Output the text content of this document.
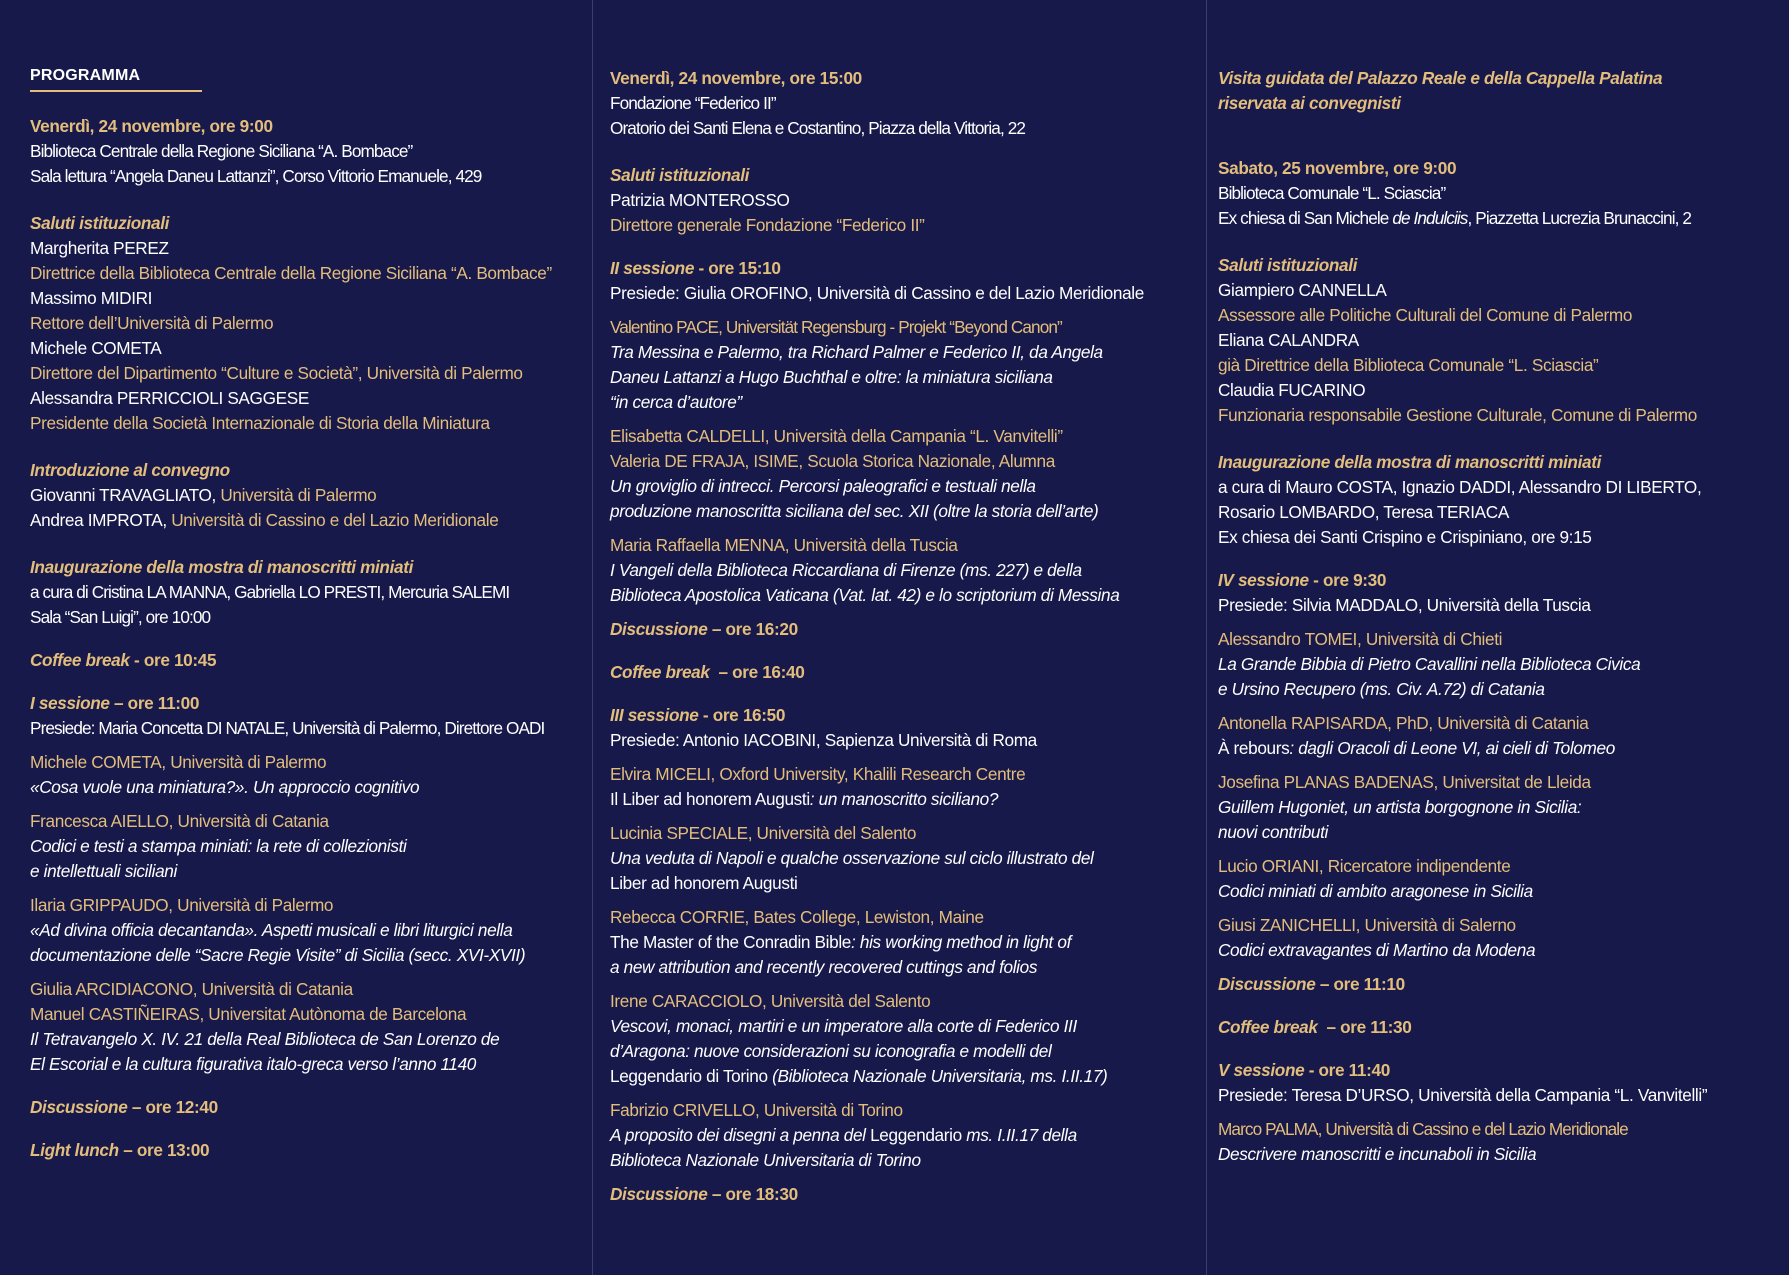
PROGRAMMA
Venerdì, 24 novembre, ore 9:00
Biblioteca Centrale della Regione Siciliana “A. Bombace”
Sala lettura “Angela Daneu Lattanzi”, Corso Vittorio Emanuele, 429
Saluti istituzionali
Margherita PEREZ
Direttrice della Biblioteca Centrale della Regione Siciliana “A. Bombace”
Massimo MIDIRI
Rettore dell’Università di Palermo
Michele COMETA
Direttore del Dipartimento “Culture e Società”, Università di Palermo
Alessandra PERRICCIOLI SAGGESE
Presidente della Società Internazionale di Storia della Miniatura
Introduzione al convegno
Giovanni TRAVAGLIATO, Università di Palermo
Andrea IMPROTA, Università di Cassino e del Lazio Meridionale
Inaugurazione della mostra di manoscritti miniati
a cura di Cristina LA MANNA, Gabriella LO PRESTI, Mercuria SALEMI
Sala “San Luigi”, ore 10:00
Coffee break - ore 10:45
I sessione – ore 11:00
Presiede: Maria Concetta DI NATALE, Università di Palermo, Direttore OADI
Michele COMETA, Università di Palermo
«Cosa vuole una miniatura?». Un approccio cognitivo
Francesca AIELLO, Università di Catania
Codici e testi a stampa miniati: la rete di collezionisti
e intellettuali siciliani
Ilaria GRIPPAUDO, Università di Palermo
«Ad divina officia decantanda». Aspetti musicali e libri liturgici nella
documentazione delle “Sacre Regie Visite” di Sicilia (secc. XVI-XVII)
Giulia ARCIDIACONO, Università di Catania
Manuel CASTIÑEIRAS, Universitat Autònoma de Barcelona
Il Tetravangelo X. IV. 21 della Real Biblioteca de San Lorenzo de
El Escorial e la cultura figurativa italo-greca verso l’anno 1140
Discussione – ore 12:40
Light lunch – ore 13:00
Venerdì, 24 novembre, ore 15:00
Fondazione “Federico II”
Oratorio dei Santi Elena e Costantino, Piazza della Vittoria, 22
Saluti istituzionali
Patrizia MONTEROSSO
Direttore generale Fondazione “Federico II”
II sessione - ore 15:10
Presiede: Giulia OROFINO, Università di Cassino e del Lazio Meridionale
Valentino PACE, Universität Regensburg - Projekt “Beyond Canon”
Tra Messina e Palermo, tra Richard Palmer e Federico II, da Angela
Daneu Lattanzi a Hugo Buchthal e oltre: la miniatura siciliana
“in cerca d’autore”
Elisabetta CALDELLI, Università della Campania “L. Vanvitelli”
Valeria DE FRAJA, ISIME, Scuola Storica Nazionale, Alumna
Un groviglio di intrecci. Percorsi paleografici e testuali nella
produzione manoscritta siciliana del sec. XII (oltre la storia dell’arte)
Maria Raffaella MENNA, Università della Tuscia
I Vangeli della Biblioteca Riccardiana di Firenze (ms. 227) e della
Biblioteca Apostolica Vaticana (Vat. lat. 42) e lo scriptorium di Messina
Discussione – ore 16:20
Coffee break  – ore 16:40
III sessione - ore 16:50
Presiede: Antonio IACOBINI, Sapienza Università di Roma
Elvira MICELI, Oxford University, Khalili Research Centre
Il Liber ad honorem Augusti: un manoscritto siciliano?
Lucinia SPECIALE, Università del Salento
Una veduta di Napoli e qualche osservazione sul ciclo illustrato del
Liber ad honorem Augusti
Rebecca CORRIE, Bates College, Lewiston, Maine
The Master of the Conradin Bible: his working method in light of
a new attribution and recently recovered cuttings and folios
Irene CARACCIOLO, Università del Salento
Vescovi, monaci, martiri e un imperatore alla corte di Federico III
d’Aragona: nuove considerazioni su iconografia e modelli del
Leggendario di Torino (Biblioteca Nazionale Universitaria, ms. I.II.17)
Fabrizio CRIVELLO, Università di Torino
A proposito dei disegni a penna del Leggendario ms. I.II.17 della
Biblioteca Nazionale Universitaria di Torino
Discussione – ore 18:30
Visita guidata del Palazzo Reale e della Cappella Palatina
riservata ai convegnisti
Sabato, 25 novembre, ore 9:00
Biblioteca Comunale “L. Sciascia”
Ex chiesa di San Michele de Indulciis, Piazzetta Lucrezia Brunaccini, 2
Saluti istituzionali
Giampiero CANNELLA
Assessore alle Politiche Culturali del Comune di Palermo
Eliana CALANDRA
già Direttrice della Biblioteca Comunale “L. Sciascia”
Claudia FUCARINO
Funzionaria responsabile Gestione Culturale, Comune di Palermo
Inaugurazione della mostra di manoscritti miniati
a cura di Mauro COSTA, Ignazio DADDI, Alessandro DI LIBERTO,
Rosario LOMBARDO, Teresa TERIACA
Ex chiesa dei Santi Crispino e Crispiniano, ore 9:15
IV sessione - ore 9:30
Presiede: Silvia MADDALO, Università della Tuscia
Alessandro TOMEI, Università di Chieti
La Grande Bibbia di Pietro Cavallini nella Biblioteca Civica
e Ursino Recupero (ms. Civ. A.72) di Catania
Antonella RAPISARDA, PhD, Università di Catania
À rebours: dagli Oracoli di Leone VI, ai cieli di Tolomeo
Josefina PLANAS BADENAS, Universitat de Lleida
Guillem Hugoniet, un artista borgognone in Sicilia:
nuovi contributi
Lucio ORIANI, Ricercatore indipendente
Codici miniati di ambito aragonese in Sicilia
Giusi ZANICHELLI, Università di Salerno
Codici extravagantes di Martino da Modena
Discussione – ore 11:10
Coffee break  – ore 11:30
V sessione - ore 11:40
Presiede: Teresa D’URSO, Università della Campania “L. Vanvitelli”
Marco PALMA, Università di Cassino e del Lazio Meridionale
Descrivere manoscritti e incunaboli in Sicilia
